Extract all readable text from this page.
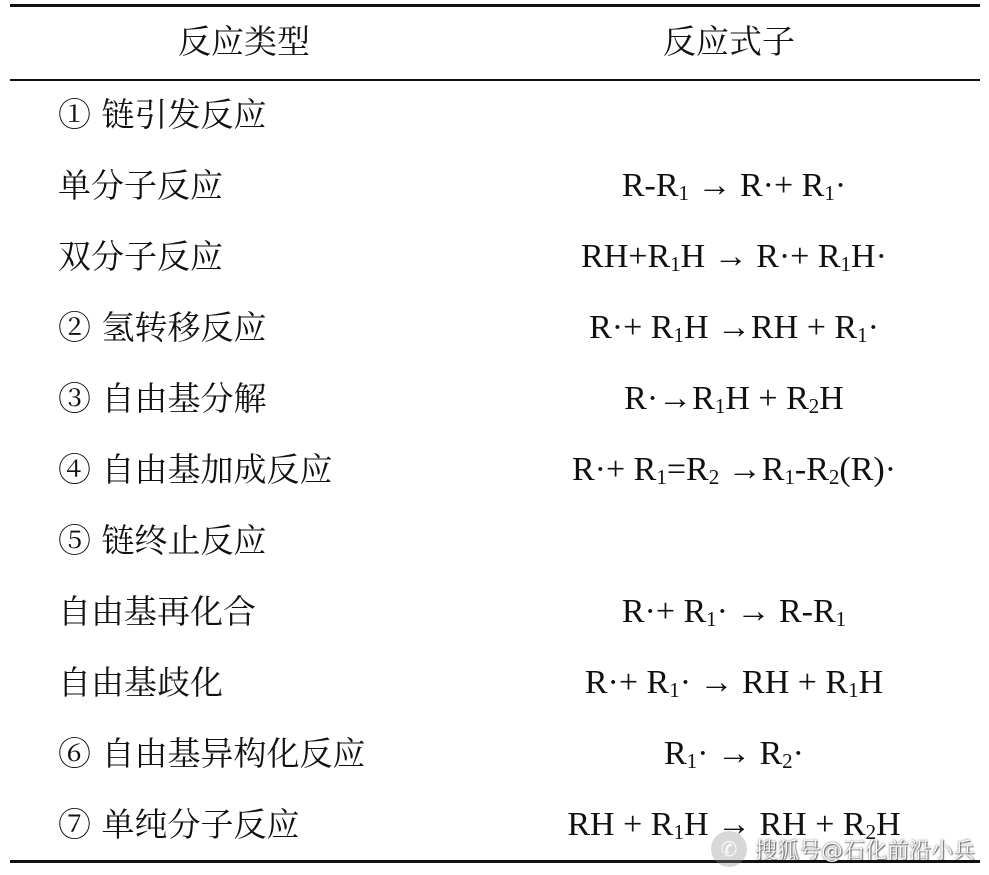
反应类型	反应式子
① 链引发反应
单分子反应	$R-R_1 \to R\cdot+ R_1\cdot$
双分子反应	$RH+R_1H \to R\cdot+ R_1H\cdot$
② 氢转移反应	$R\cdot+ R_1H \to RH + R_1\cdot$
③ 自由基分解	$R\cdot\to R_1H + R_2H$
④ 自由基加成反应	$R\cdot+ R_1=R_2 \to R_1-R_2(R)\cdot$
⑤ 链终止反应
自由基再化合	$R\cdot+ R_1\cdot \to R-R_1$
自由基歧化	$R\cdot+ R_1\cdot$ → RH + $R_1H$
⑥ 自由基异构化反应	$R_1\cdot \to R_2\cdot$
⑦ 单纯分子反应	RH + $R_1H$ → RH + $R_2H$
✆ 搜狐号@石化前沿小兵
